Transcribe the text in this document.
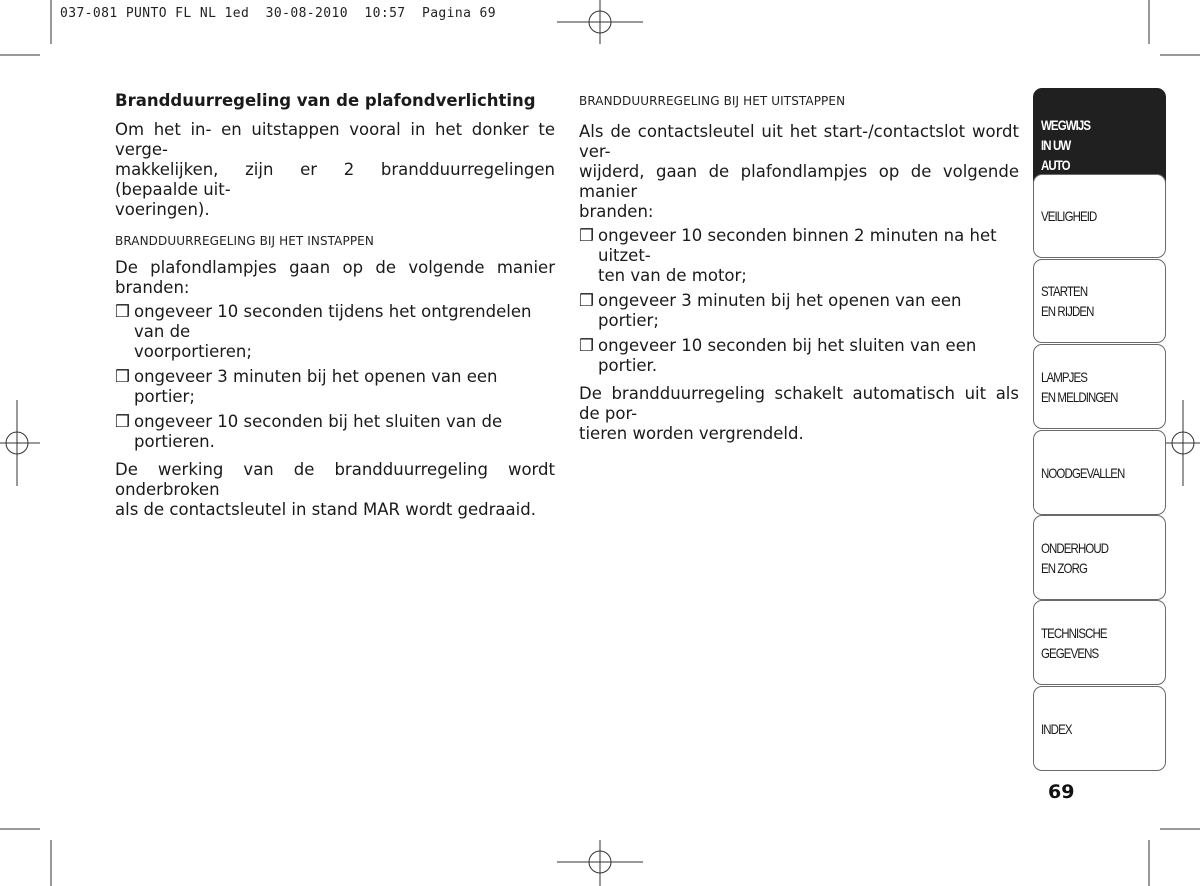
037-081 PUNTO FL NL 1ed  30-08-2010  10:57  Pagina 69
Brandduurregeling van de plafondverlichting

Om het in- en uitstappen vooral in het donker te verge-
makkelijken, zijn er 2 brandduurregelingen (bepaalde uit-
voeringen).

BRANDDUURREGELING BIJ HET INSTAPPEN

De plafondlampjes gaan op de volgende manier branden:

❒ ongeveer 10 seconden tijdens het ontgrendelen van de
voorportieren;
❒ ongeveer 3 minuten bij het openen van een portier;
❒ ongeveer 10 seconden bij het sluiten van de portieren.

De werking van de brandduurregeling wordt onderbroken
als de contactsleutel in stand MAR wordt gedraaid.

BRANDDUURREGELING BIJ HET UITSTAPPEN

Als de contactsleutel uit het start-/contactslot wordt ver-
wijderd, gaan de plafondlampjes op de volgende manier
branden:

❒ ongeveer 10 seconden binnen 2 minuten na het uitzet-
ten van de motor;
❒ ongeveer 3 minuten bij het openen van een portier;
❒ ongeveer 10 seconden bij het sluiten van een portier.

De brandduurregeling schakelt automatisch uit als de por-
tieren worden vergrendeld.

WEGWIJS
IN UW
AUTO
VEILIGHEID
STARTEN
EN RIJDEN
LAMPJES
EN MELDINGEN
NOODGEVALLEN
ONDERHOUD
EN ZORG
TECHNISCHE
GEGEVENS
INDEX
69
